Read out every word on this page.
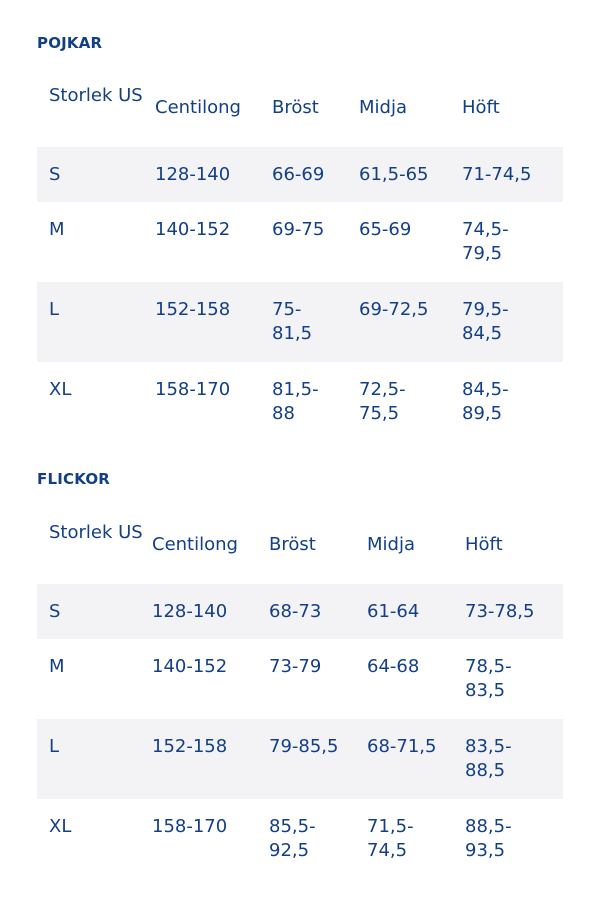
POJKAR
Storlek US	Centilong	Bröst	Midja	Höft
S	128-140	66-69	61,5-65	71-74,5
M	140-152	69-75	65-69	74,5-79,5
L	152-158	75-81,5	69-72,5	79,5-84,5
XL	158-170	81,5-88	72,5-75,5	84,5-89,5
FLICKOR
Storlek US	Centilong	Bröst	Midja	Höft
S	128-140	68-73	61-64	73-78,5
M	140-152	73-79	64-68	78,5-83,5
L	152-158	79-85,5	68-71,5	83,5-88,5
XL	158-170	85,5-92,5	71,5-74,5	88,5-93,5
